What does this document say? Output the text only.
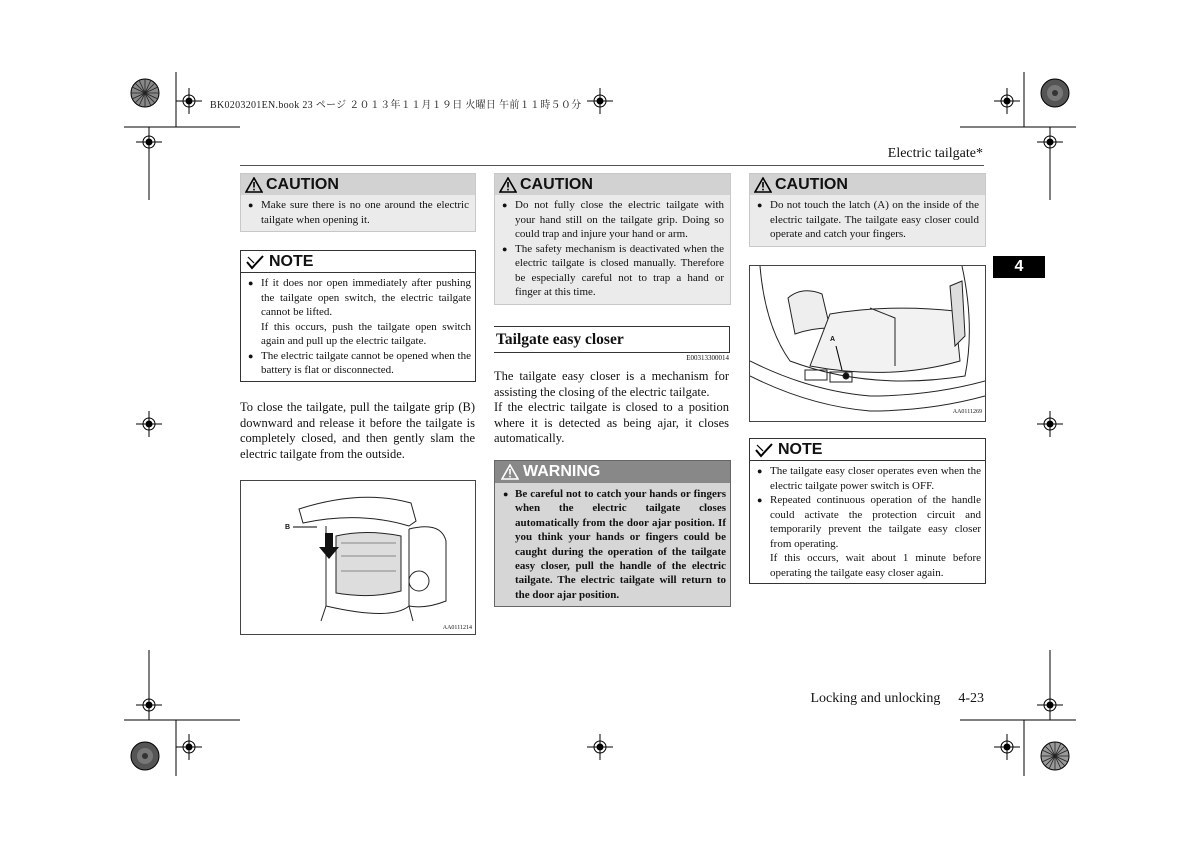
BK0203201EN.book 23 ページ ２０１３年１１月１９日 火曜日 午前１１時５０分
Electric tailgate*
4
CAUTION
● Make sure there is no one around the electric tailgate when opening it.
NOTE
● If it does nor open immediately after pushing the tailgate open switch, the electric tailgate cannot be lifted.
If this occurs, push the tailgate open switch again and pull up the electric tailgate.
● The electric tailgate cannot be opened when the battery is flat or disconnected.
To close the tailgate, pull the tailgate grip (B) downward and release it before the tailgate is completely closed, and then gently slam the electric tailgate from the outside.
B
AA0111214
CAUTION
● Do not fully close the electric tailgate with your hand still on the tailgate grip. Doing so could trap and injure your hand or arm.
● The safety mechanism is deactivated when the electric tailgate is closed manually. Therefore be especially careful not to trap a hand or finger at this time.
Tailgate easy closer
E00313300014
The tailgate easy closer is a mechanism for assisting the closing of the electric tailgate.
If the electric tailgate is closed to a position where it is detected as being ajar, it closes automatically.
WARNING
● Be careful not to catch your hands or fingers when the electric tailgate closes automatically from the door ajar position. If you think your hands or fingers could be caught during the operation of the tailgate easy closer, pull the handle of the electric tailgate. The electric tailgate will return to the door ajar position.
CAUTION
● Do not touch the latch (A) on the inside of the electric tailgate. The tailgate easy closer could operate and catch your fingers.
A
AA0111269
NOTE
● The tailgate easy closer operates even when the electric tailgate power switch is OFF.
● Repeated continuous operation of the handle could activate the protection circuit and temporarily prevent the tailgate easy closer from operating.
If this occurs, wait about 1 minute before operating the tailgate easy closer again.
Locking and unlocking 4-23
